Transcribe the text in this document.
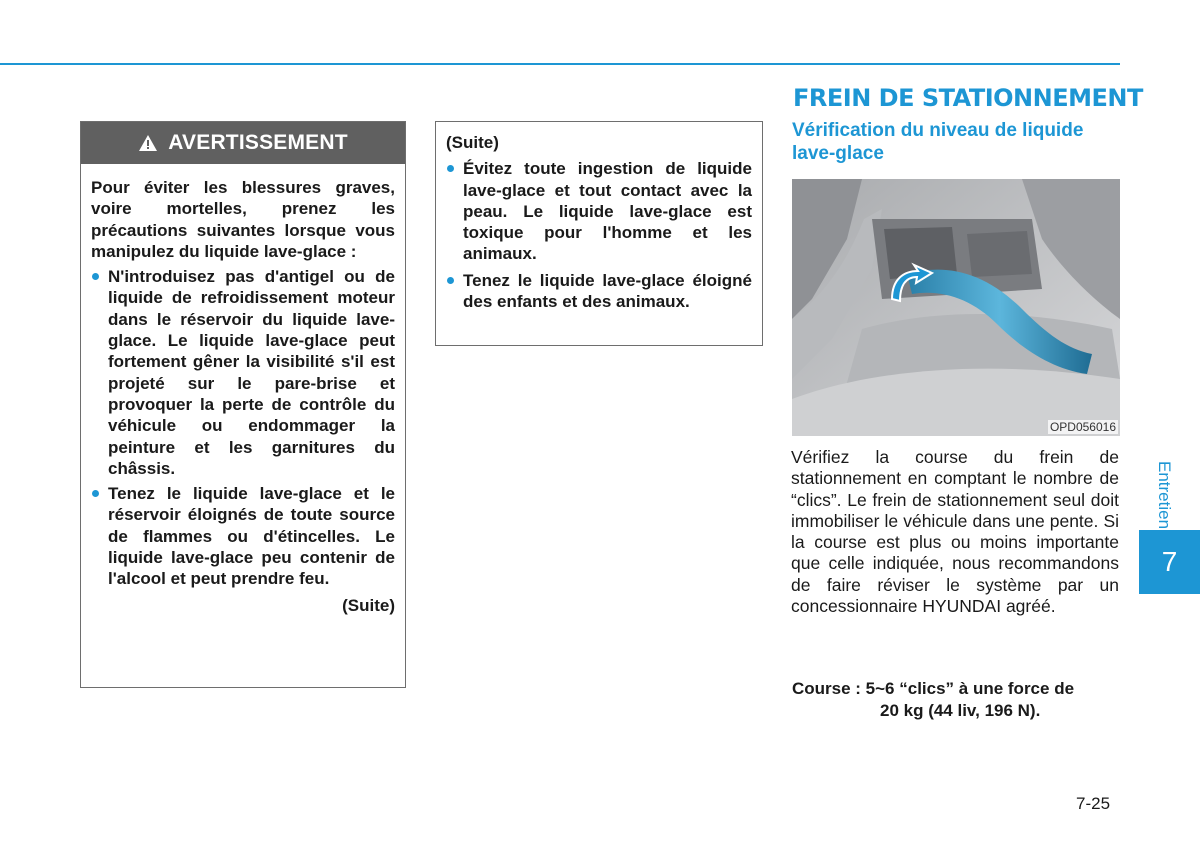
AVERTISSEMENT
Pour éviter les blessures graves, voire mortelles, prenez les précautions suivantes lorsque vous manipulez du liquide lave-glace :
N'introduisez pas d'antigel ou de liquide de refroidissement moteur dans le réservoir du liquide lave-glace. Le liquide lave-glace peut fortement gêner la visibilité s'il est projeté sur le pare-brise et provoquer la perte de contrôle du véhicule ou endommager la peinture et les garnitures du châssis.
Tenez le liquide lave-glace et le réservoir éloignés de toute source de flammes ou d'étincelles. Le liquide lave-glace peu contenir de l'alcool et peut prendre feu.
(Suite)
(Suite)
Évitez toute ingestion de liquide lave-glace et tout contact avec la peau. Le liquide lave-glace est toxique pour l'homme et les animaux.
Tenez le liquide lave-glace éloigné des enfants et des animaux.
FREIN DE STATIONNEMENT
Vérification du niveau de liquide lave-glace
OPD056016
Vérifiez la course du frein de stationnement en comptant le nombre de “clics”. Le frein de stationnement seul doit immobiliser le véhicule dans une pente. Si la course est plus ou moins importante que celle indiquée, nous recommandons de faire réviser le système par un concessionnaire HYUNDAI agréé.
Course : 5~6 “clics” à une force de
20 kg (44 liv, 196 N).
Entretien
7
7-25
